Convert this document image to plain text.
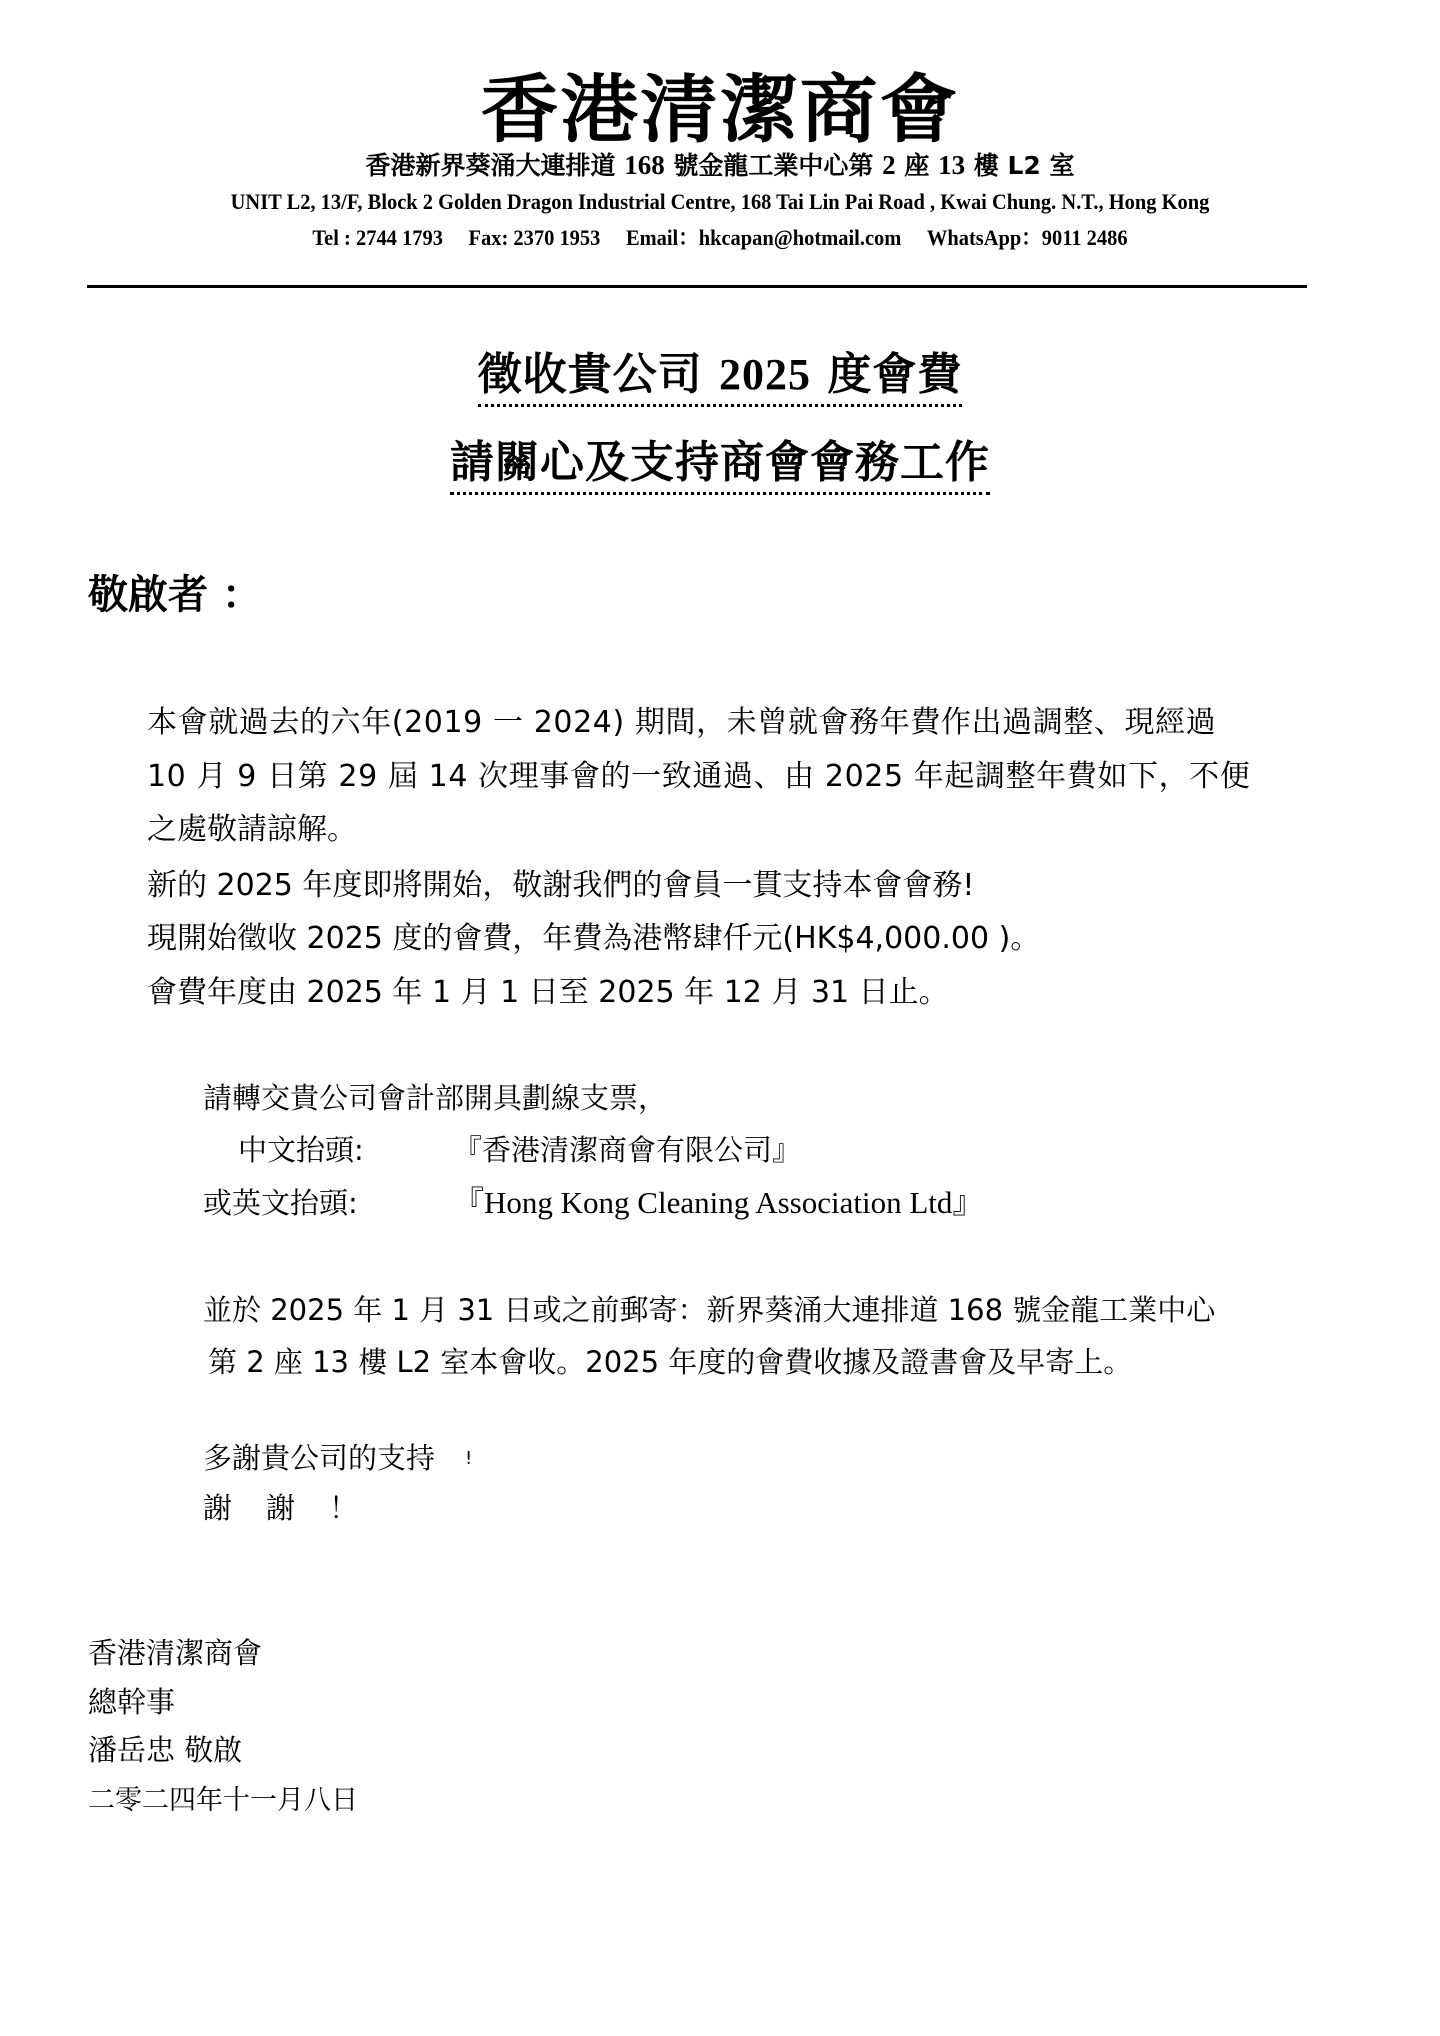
香港清潔商會
香港新界葵涌大連排道 168 號金龍工業中心第 2 座 13 樓 L2 室
UNIT L2, 13/F, Block 2 Golden Dragon Industrial Centre, 168 Tai Lin Pai Road , Kwai Chung. N.T., Hong Kong
Tel : 2744 1793 Fax: 2370 1953 Email：hkcapan@hotmail.com WhatsApp：9011 2486
徵收貴公司 2025 度會費
請關心及支持商會會務工作
敬啟者 ：
本會就過去的六年(2019 一 2024) 期間，未曾就會務年費作出過調整、現經過
10 月 9 日第 29 屆 14 次理事會的一致通過、由 2025 年起調整年費如下，不便
之處敬請諒解。
新的 2025 年度即將開始，敬謝我們的會員一貫支持本會會務!
現開始徵收 2025 度的會費，年費為港幣肆仟元(HK$4,000.00 )。
會費年度由 2025 年 1 月 1 日至 2025 年 12 月 31 日止。
請轉交貴公司會計部開具劃線支票，
中文抬頭:	『香港清潔商會有限公司』
或英文抬頭:	『Hong Kong Cleaning Association Ltd』
並於 2025 年 1 月 31 日或之前郵寄：新界葵涌大連排道 168 號金龍工業中心
第 2 座 13 樓 L2 室本會收。2025 年度的會費收據及證書會及早寄上。
多謝貴公司的支持 !
謝 謝 ！
香港清潔商會
總幹事
潘岳忠 敬啟
二零二四年十一月八日
